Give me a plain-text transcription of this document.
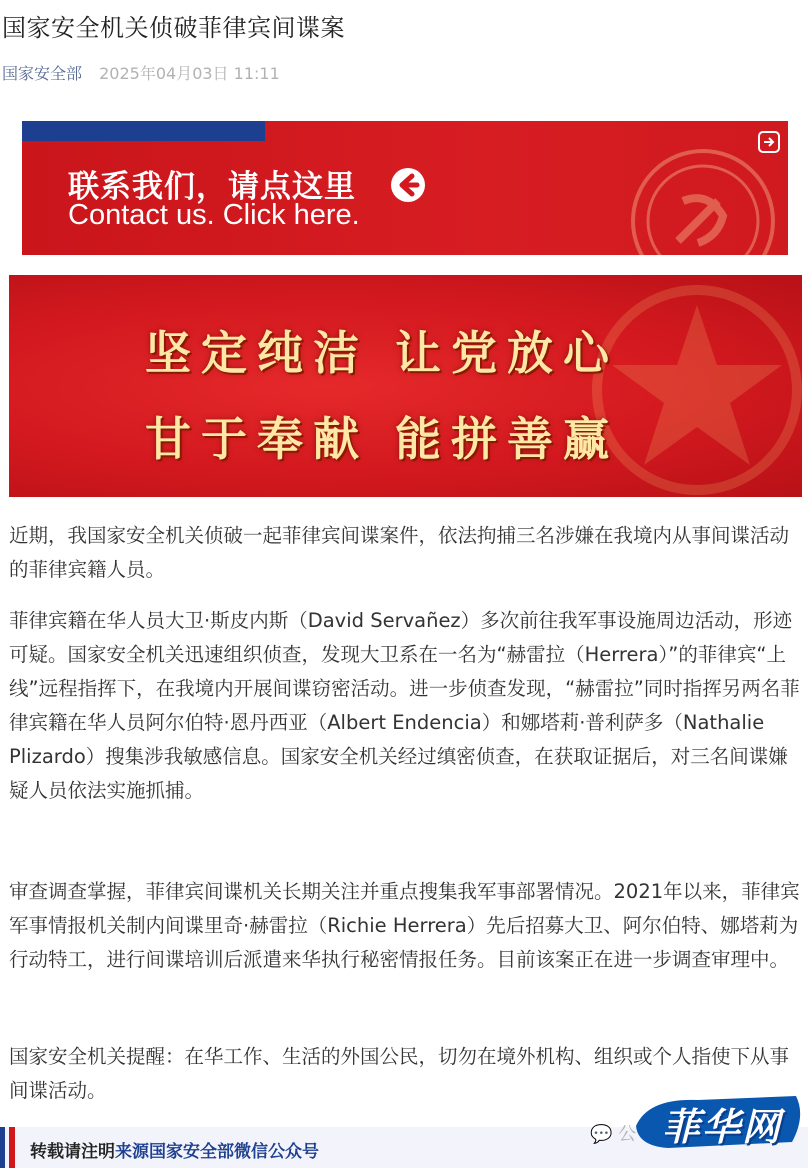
国家安全机关侦破菲律宾间谍案
国家安全部 2025年04月03日 11:11
联系我们，请点这里
Contact us. Click here.
坚定纯洁 让党放心
甘于奉献 能拼善赢
近期，我国家安全机关侦破一起菲律宾间谍案件，依法拘捕三名涉嫌在我境内从事间谍活动的菲律宾籍人员。
菲律宾籍在华人员大卫·斯皮内斯（David Servañez）多次前往我军事设施周边活动，形迹可疑。国家安全机关迅速组织侦查，发现大卫系在一名为“赫雷拉（Herrera）”的菲律宾“上线”远程指挥下，在我境内开展间谍窃密活动。进一步侦查发现，“赫雷拉”同时指挥另两名菲律宾籍在华人员阿尔伯特·恩丹西亚（Albert Endencia）和娜塔莉·普利萨多（Nathalie Plizardo）搜集涉我敏感信息。国家安全机关经过缜密侦查，在获取证据后，对三名间谍嫌疑人员依法实施抓捕。
审查调查掌握，菲律宾间谍机关长期关注并重点搜集我军事部署情况。2021年以来，菲律宾军事情报机关制内间谍里奇·赫雷拉（Richie Herrera）先后招募大卫、阿尔伯特、娜塔莉为行动特工，进行间谍培训后派遣来华执行秘密情报任务。目前该案正在进一步调查审理中。
国家安全机关提醒：在华工作、生活的外国公民，切勿在境外机构、组织或个人指使下从事间谍活动。
转载请注明来源国家安全部微信公众号
💬 公 菲华网
